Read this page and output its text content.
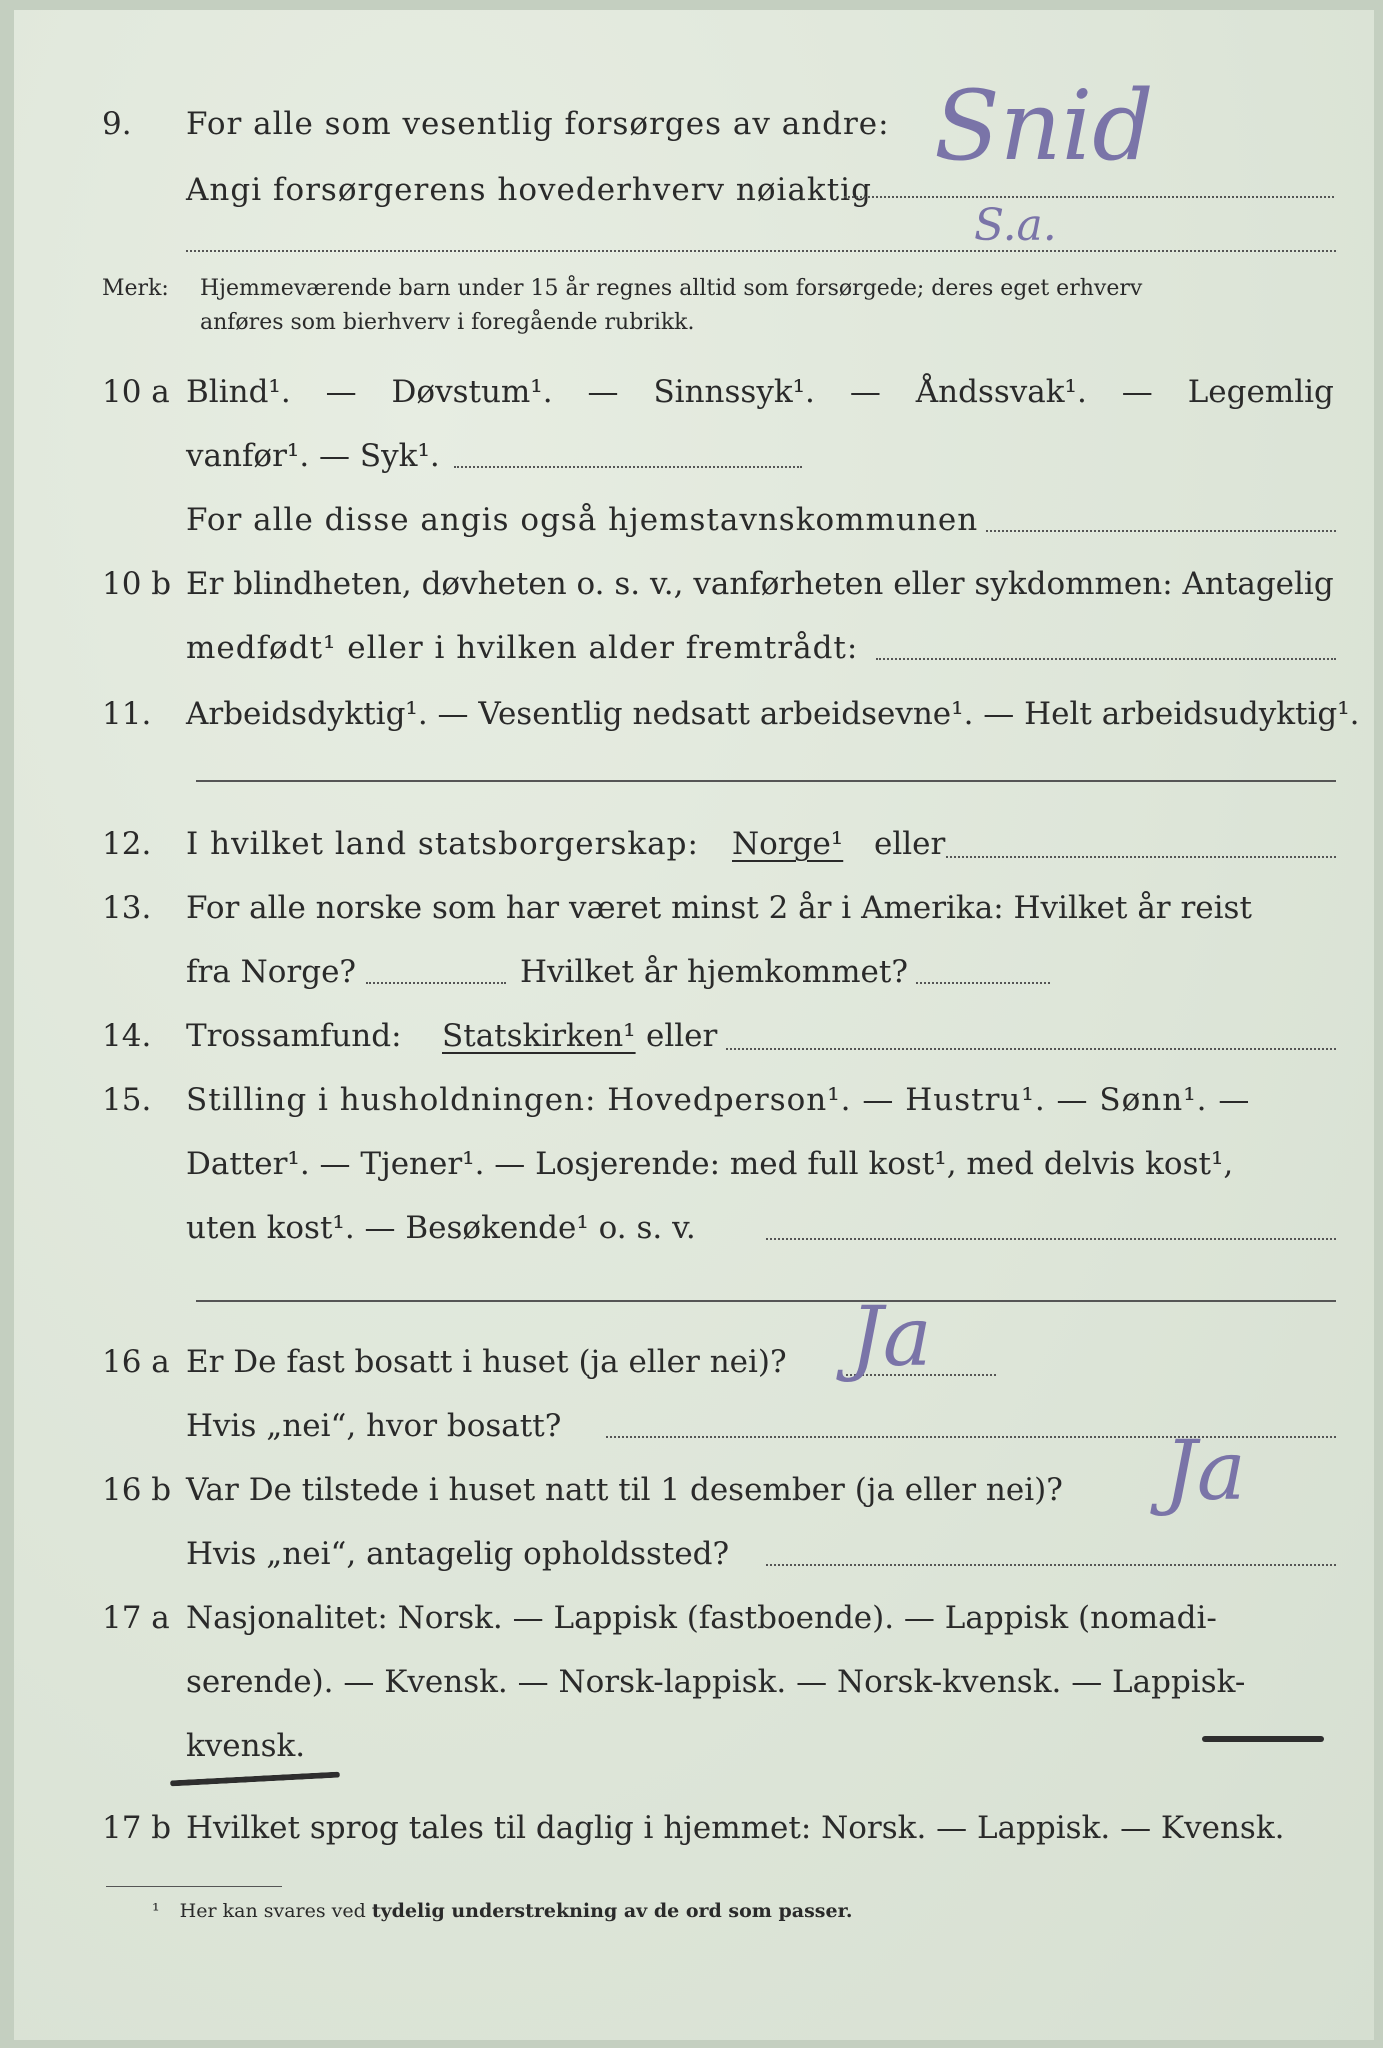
9. For alle som vesentlig forsørges av andre:
Angi forsørgerens hovederhverv nøiaktig
Snid
S.a.
Merk: Hjemmeværende barn under 15 år regnes alltid som forsørgede; deres eget erhverv
anføres som bierhverv i foregående rubrikk.
10 a Blind¹. — Døvstum¹. — Sinnssyk¹. — Åndssvak¹. — Legemlig
vanfør¹. — Syk¹.
For alle disse angis også hjemstavnskommunen
10 b Er blindheten, døvheten o. s. v., vanførheten eller sykdommen: Antagelig
medfødt¹ eller i hvilken alder fremtrådt:
11. Arbeidsdyktig¹. — Vesentlig nedsatt arbeidsevne¹. — Helt arbeidsudyktig¹.
12. I hvilket land statsborgerskap: Norge¹ eller
13. For alle norske som har været minst 2 år i Amerika: Hvilket år reist
fra Norge?	Hvilket år hjemkommet?
14. Trossamfund: Statskirken¹ eller
15. Stilling i husholdningen: Hovedperson¹. — Hustru¹. — Sønn¹. —
Datter¹. — Tjener¹. — Losjerende: med full kost¹, med delvis kost¹,
uten kost¹. — Besøkende¹ o. s. v.
16 a Er De fast bosatt i huset (ja eller nei)? Ja
Hvis „nei“, hvor bosatt?
16 b Var De tilstede i huset natt til 1 desember (ja eller nei)? Ja
Hvis „nei“, antagelig opholdssted?
17 a Nasjonalitet: Norsk. — Lappisk (fastboende). — Lappisk (nomadi-
serende). — Kvensk. — Norsk-lappisk. — Norsk-kvensk. — Lappisk-
kvensk.
17 b Hvilket sprog tales til daglig i hjemmet: Norsk. — Lappisk. — Kvensk.
¹ Her kan svares ved tydelig understrekning av de ord som passer.
